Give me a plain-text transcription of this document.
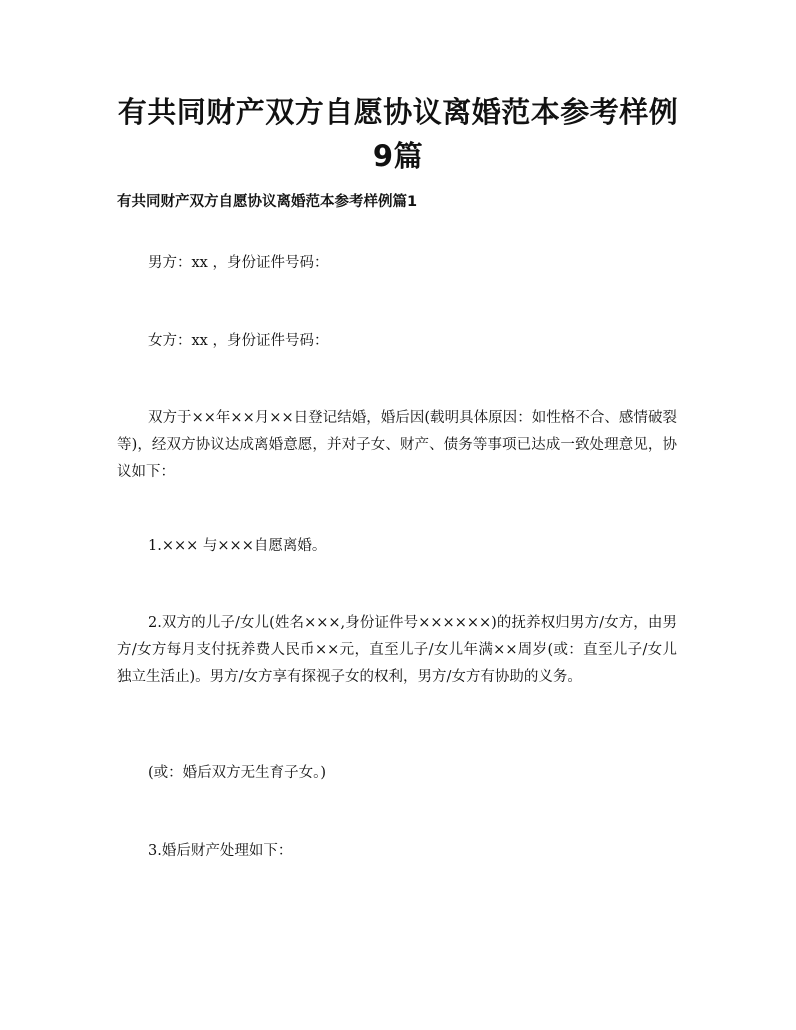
有共同财产双方自愿协议离婚范本参考样例
9篇
有共同财产双方自愿协议离婚范本参考样例篇1

男方：xx ，身份证件号码：

女方：xx ，身份证件号码：

双方于××年××月××日登记结婚，婚后因(载明具体原因：如性格不合、感情破裂等)，经双方协议达成离婚意愿，并对子女、财产、债务等事项已达成一致处理意见，协议如下：

1.××× 与×××自愿离婚。

2.双方的儿子/女儿(姓名×××,身份证件号××××××)的抚养权归男方/女方，由男方/女方每月支付抚养费人民币××元，直至儿子/女儿年满××周岁(或：直至儿子/女儿独立生活止)。男方/女方享有探视子女的权利，男方/女方有协助的义务。

(或：婚后双方无生育子女。)

3.婚后财产处理如下：
